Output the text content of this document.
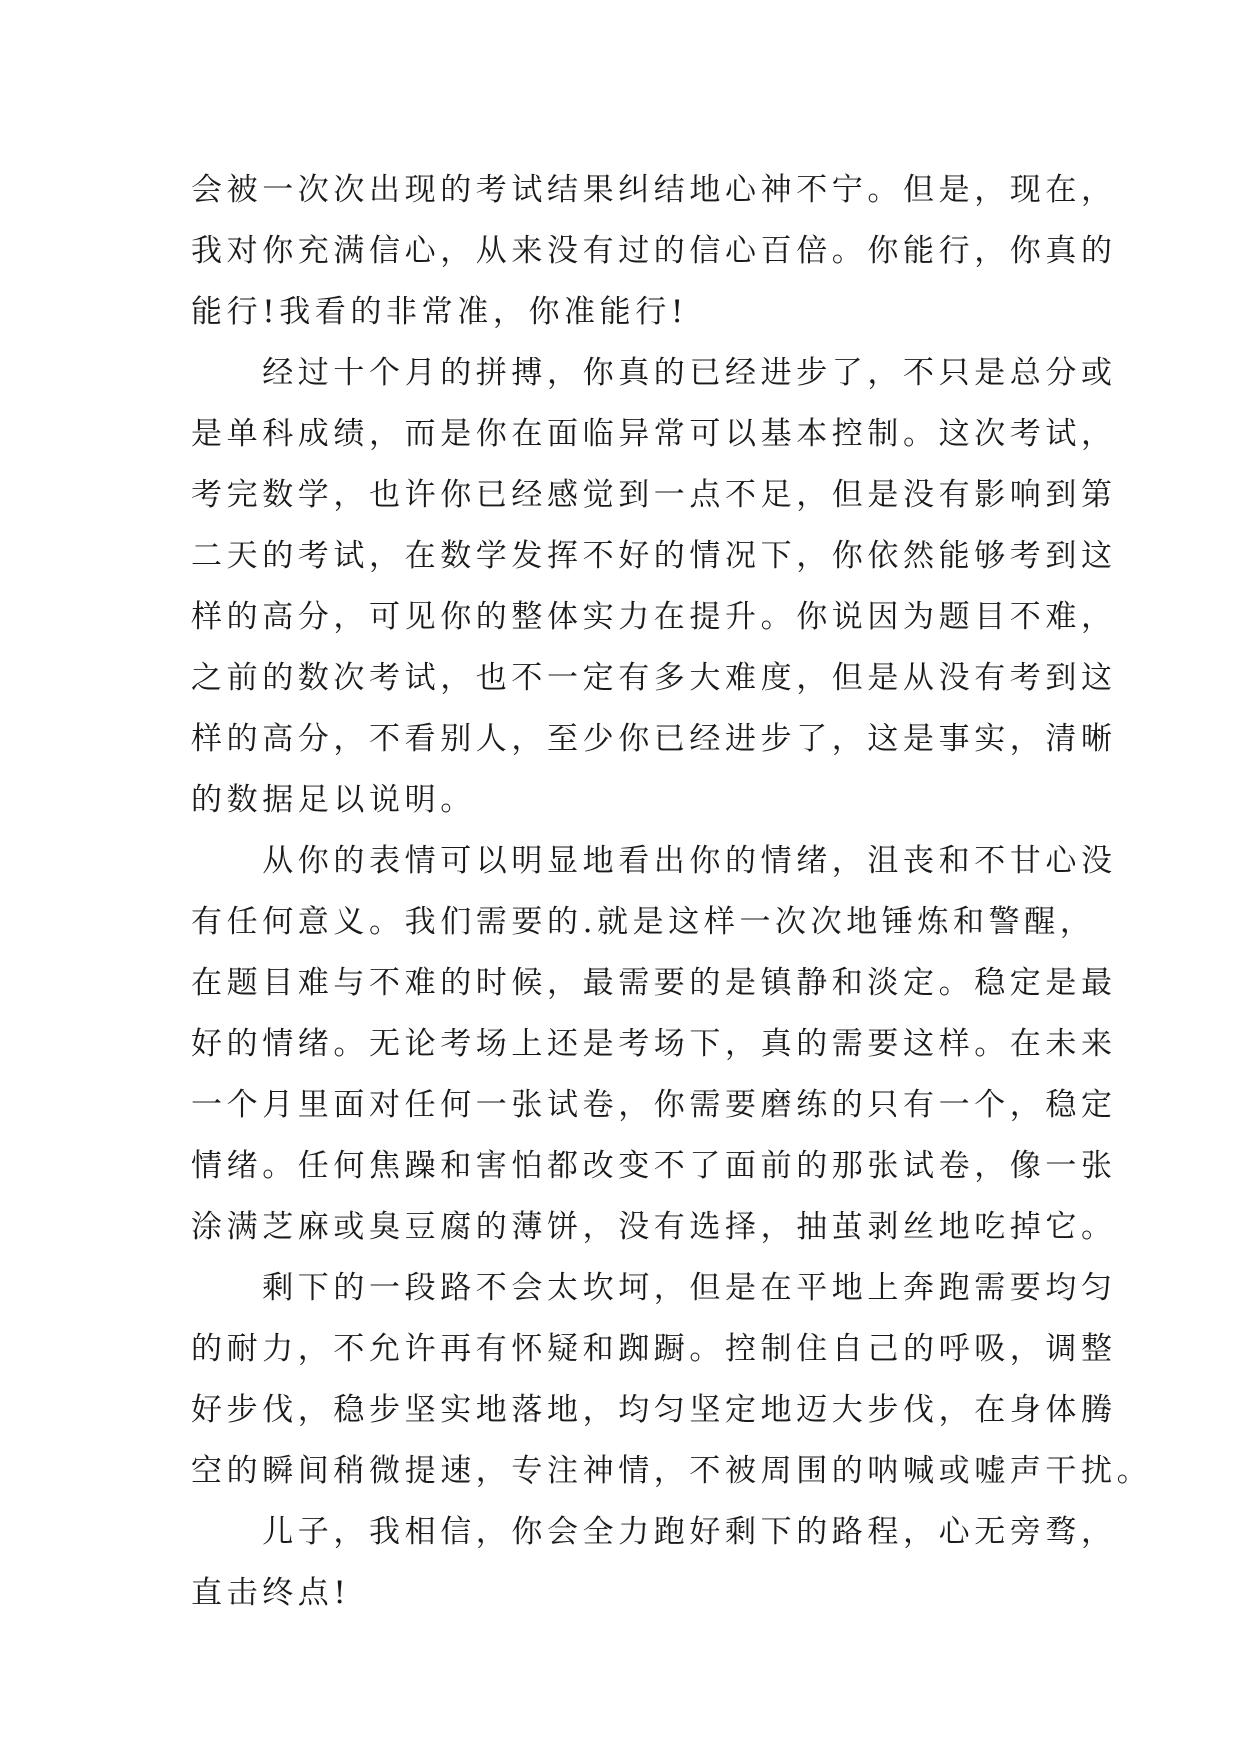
会被一次次出现的考试结果纠结地心神不宁。但是，现在，
我对你充满信心，从来没有过的信心百倍。你能行，你真的
能行!我看的非常准，你准能行!
　　经过十个月的拼搏，你真的已经进步了，不只是总分或
是单科成绩，而是你在面临异常可以基本控制。这次考试，
考完数学，也许你已经感觉到一点不足，但是没有影响到第
二天的考试，在数学发挥不好的情况下，你依然能够考到这
样的高分，可见你的整体实力在提升。你说因为题目不难，
之前的数次考试，也不一定有多大难度，但是从没有考到这
样的高分，不看别人，至少你已经进步了，这是事实，清晰
的数据足以说明。
　　从你的表情可以明显地看出你的情绪，沮丧和不甘心没
有任何意义。我们需要的.就是这样一次次地锤炼和警醒，
在题目难与不难的时候，最需要的是镇静和淡定。稳定是最
好的情绪。无论考场上还是考场下，真的需要这样。在未来
一个月里面对任何一张试卷，你需要磨练的只有一个，稳定
情绪。任何焦躁和害怕都改变不了面前的那张试卷，像一张
涂满芝麻或臭豆腐的薄饼，没有选择，抽茧剥丝地吃掉它。
　　剩下的一段路不会太坎坷，但是在平地上奔跑需要均匀
的耐力，不允许再有怀疑和踟蹰。控制住自己的呼吸，调整
好步伐，稳步坚实地落地，均匀坚定地迈大步伐，在身体腾
空的瞬间稍微提速，专注神情，不被周围的呐喊或嘘声干扰。
　　儿子，我相信，你会全力跑好剩下的路程，心无旁骛，
直击终点!
